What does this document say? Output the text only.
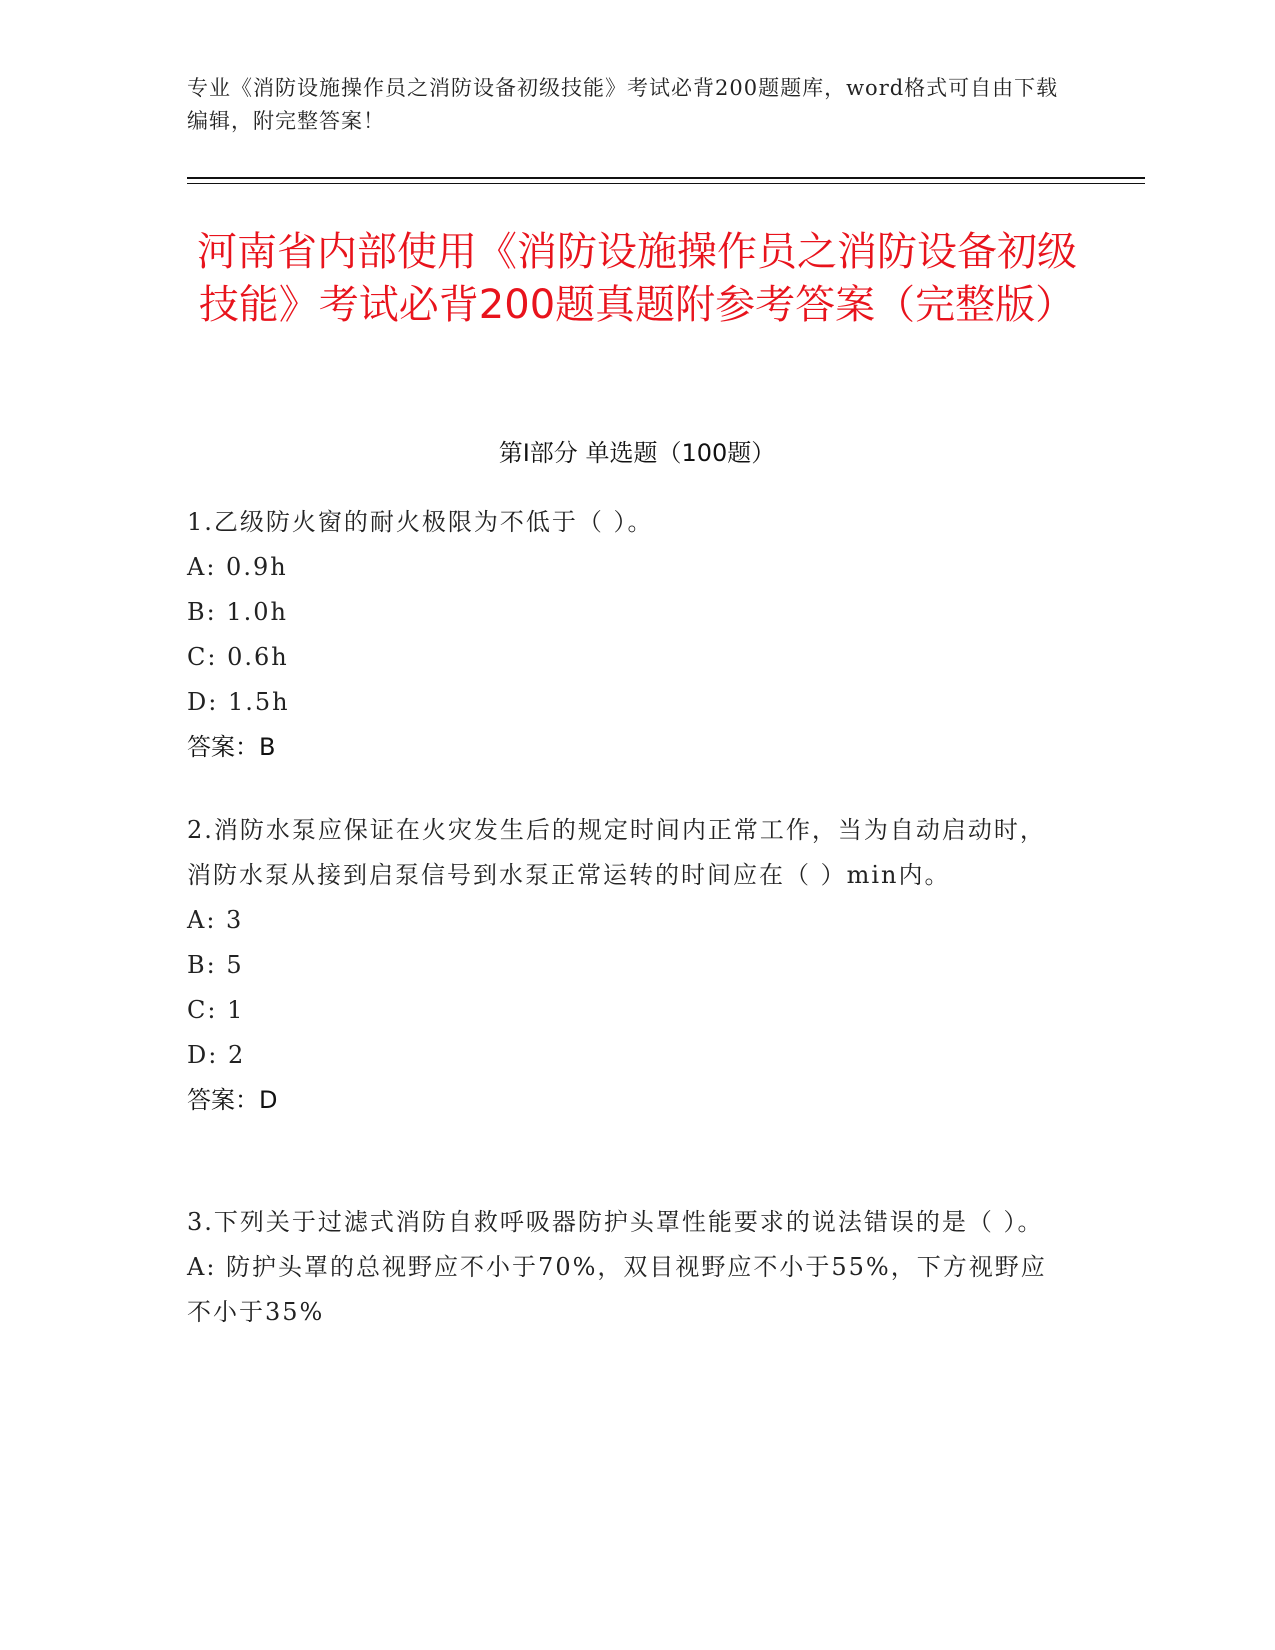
专业《消防设施操作员之消防设备初级技能》考试必背200题题库，word格式可自由下载编辑，附完整答案！
河南省内部使用《消防设施操作员之消防设备初级技能》考试必背200题真题附参考答案（完整版）
第I部分 单选题（100题）

1.乙级防火窗的耐火极限为不低于（ ）。

A: 0.9h

B: 1.0h

C: 0.6h

D: 1.5h

答案：B

2.消防水泵应保证在火灾发生后的规定时间内正常工作，当为自动启动时，消防水泵从接到启泵信号到水泵正常运转的时间应在（ ）min内。

A: 3

B: 5

C: 1

D: 2

答案：D

3.下列关于过滤式消防自救呼吸器防护头罩性能要求的说法错误的是（ ）。

A: 防护头罩的总视野应不小于70%，双目视野应不小于55%，下方视野应不小于35%
